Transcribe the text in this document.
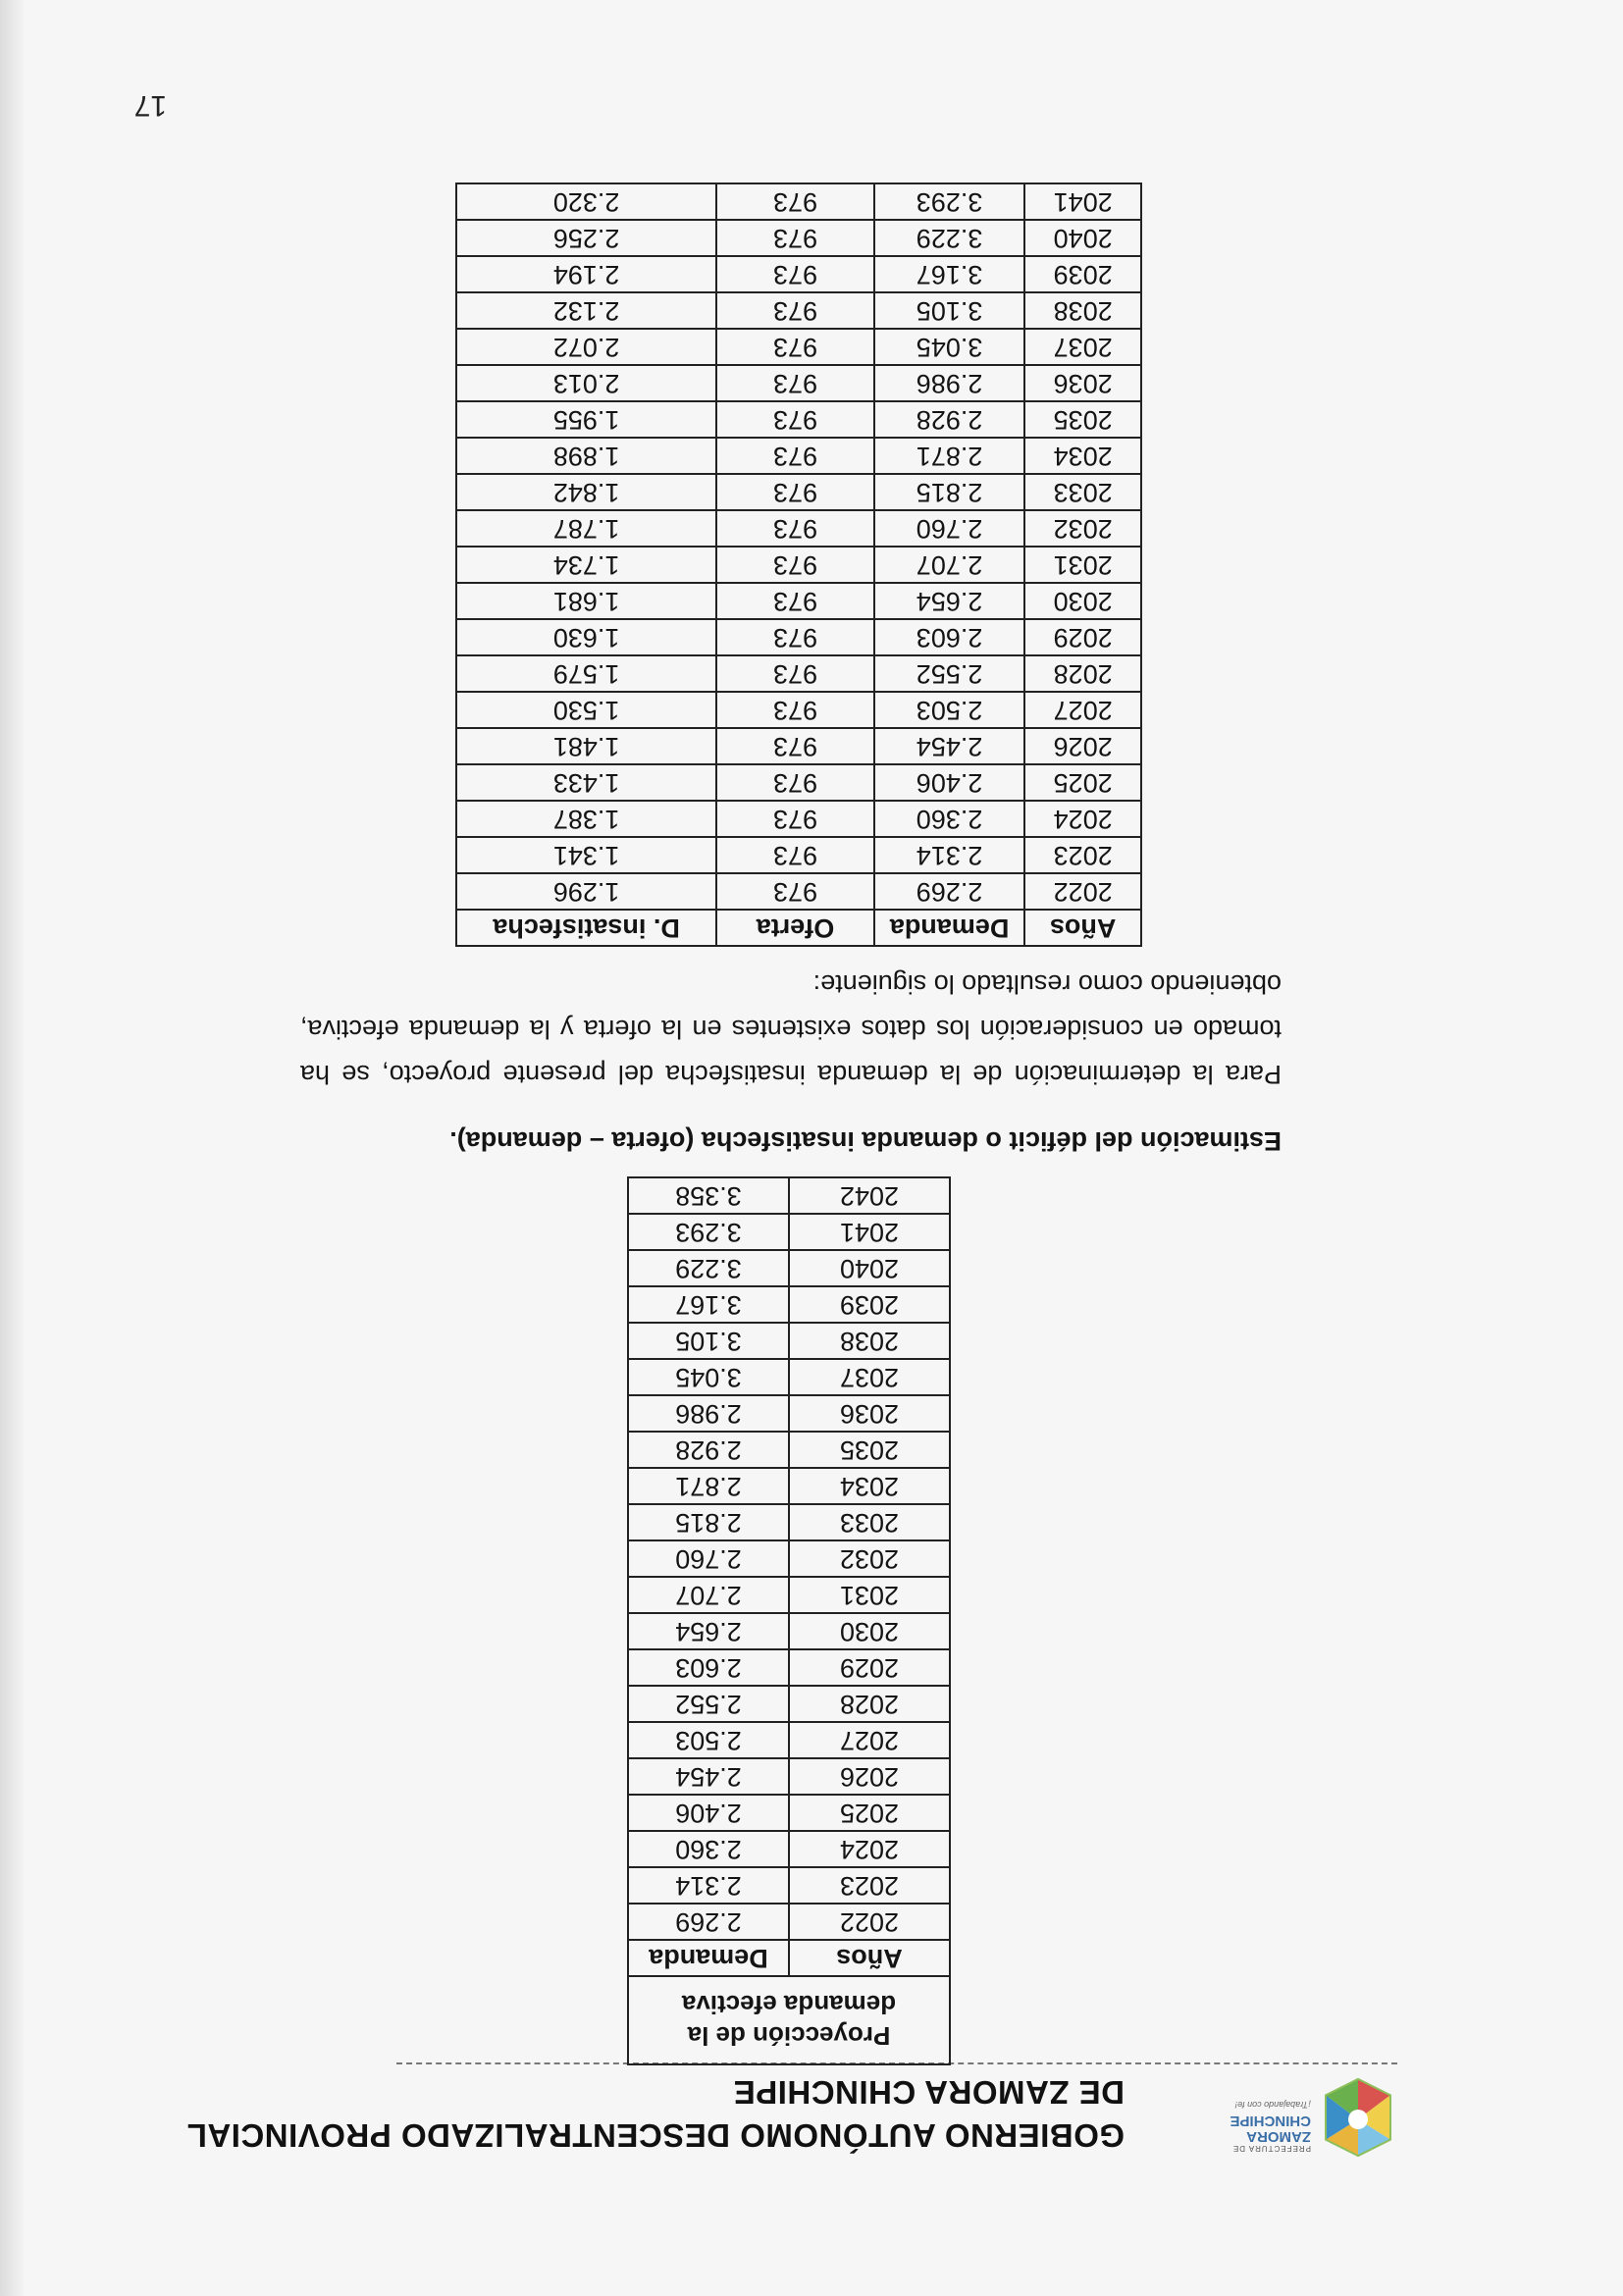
PREFECTURA DE
ZAMORA
CHINCHIPE
¡Trabajando con fe!
GOBIERNO AUTÓNOMO DESCENTRALIZADO PROVINCIAL
DE ZAMORA CHINCHIPE
Proyección de la demanda efectiva	
Años	Demanda
2022	2.269
2023	2.314
2024	2.360
2025	2.406
2026	2.454
2027	2.503
2028	2.552
2029	2.603
2030	2.654
2031	2.707
2032	2.760
2033	2.815
2034	2.871
2035	2.928
2036	2.986
2037	3.045
2038	3.105
2039	3.167
2040	3.229
2041	3.293
2042	3.358
Estimación del déficit o demanda insatisfecha (oferta – demanda).
Para la determinación de la demanda insatisfecha del presente proyecto, se ha tomado en consideración los datos existentes en la oferta y la demanda efectiva, obteniendo como resultado lo siguiente:
Años	Demanda	Oferta	D. insatisfecha
2022	2.269	973	1.296
2023	2.314	973	1.341
2024	2.360	973	1.387
2025	2.406	973	1.433
2026	2.454	973	1.481
2027	2.503	973	1.530
2028	2.552	973	1.579
2029	2.603	973	1.630
2030	2.654	973	1.681
2031	2.707	973	1.734
2032	2.760	973	1.787
2033	2.815	973	1.842
2034	2.871	973	1.898
2035	2.928	973	1.955
2036	2.986	973	2.013
2037	3.045	973	2.072
2038	3.105	973	2.132
2039	3.167	973	2.194
2040	3.229	973	2.256
2041	3.293	973	2.320
17
